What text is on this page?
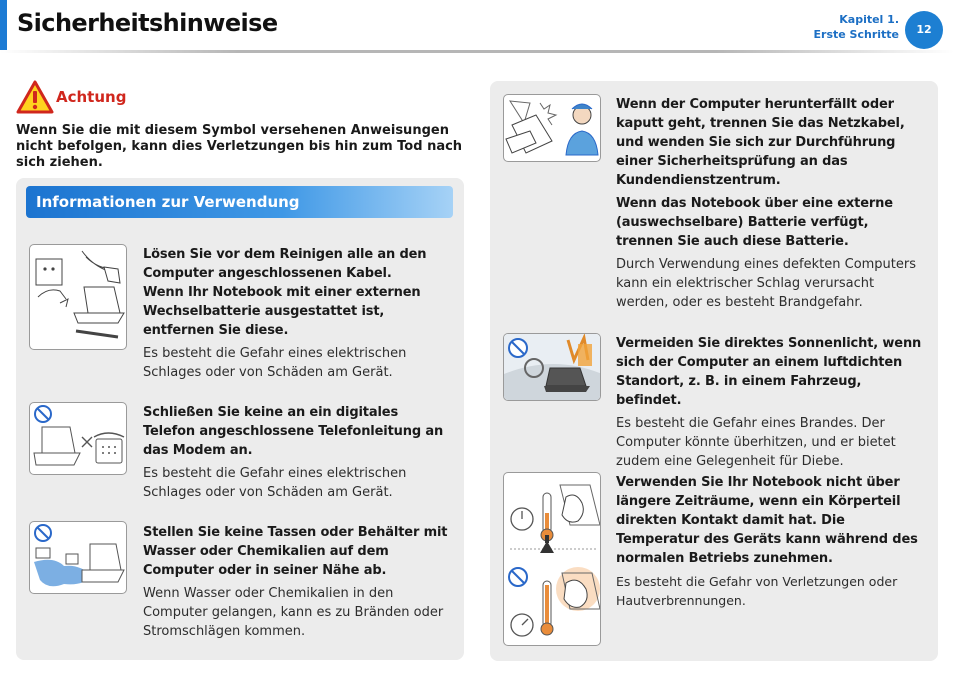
Sicherheitshinweise	Kapitel 1.
Erste Schritte	12
Achtung
Wenn Sie die mit diesem Symbol versehenen Anweisungen nicht befolgen, kann dies Verletzungen bis hin zum Tod nach sich ziehen.
Informationen zur Verwendung

Lösen Sie vor dem Reinigen alle an den Computer angeschlossenen Kabel.
Wenn Ihr Notebook mit einer externen Wechselbatterie ausgestattet ist, entfernen Sie diese.

Es besteht die Gefahr eines elektrischen Schlages oder von Schäden am Gerät.

Schließen Sie keine an ein digitales Telefon angeschlossene Telefonleitung an das Modem an.

Es besteht die Gefahr eines elektrischen Schlages oder von Schäden am Gerät.

Stellen Sie keine Tassen oder Behälter mit Wasser oder Chemikalien auf dem Computer oder in seiner Nähe ab.

Wenn Wasser oder Chemikalien in den Computer gelangen, kann es zu Bränden oder Stromschlägen kommen.

Wenn der Computer herunterfällt oder kaputt geht, trennen Sie das Netzkabel, und wenden Sie sich zur Durchführung einer Sicherheitsprüfung an das Kundendienstzentrum.

Wenn das Notebook über eine externe (auswechselbare) Batterie verfügt, trennen Sie auch diese Batterie.

Durch Verwendung eines defekten Computers kann ein elektrischer Schlag verursacht werden, oder es besteht Brandgefahr.

Vermeiden Sie direktes Sonnenlicht, wenn sich der Computer an einem luftdichten Standort, z. B. in einem Fahrzeug, befindet.

Es besteht die Gefahr eines Brandes. Der Computer könnte überhitzen, und er bietet zudem eine Gelegenheit für Diebe.

Verwenden Sie Ihr Notebook nicht über längere Zeiträume, wenn ein Körperteil direkten Kontakt damit hat. Die Temperatur des Geräts kann während des normalen Betriebs zunehmen.

Es besteht die Gefahr von Verletzungen oder Hautverbrennungen.
